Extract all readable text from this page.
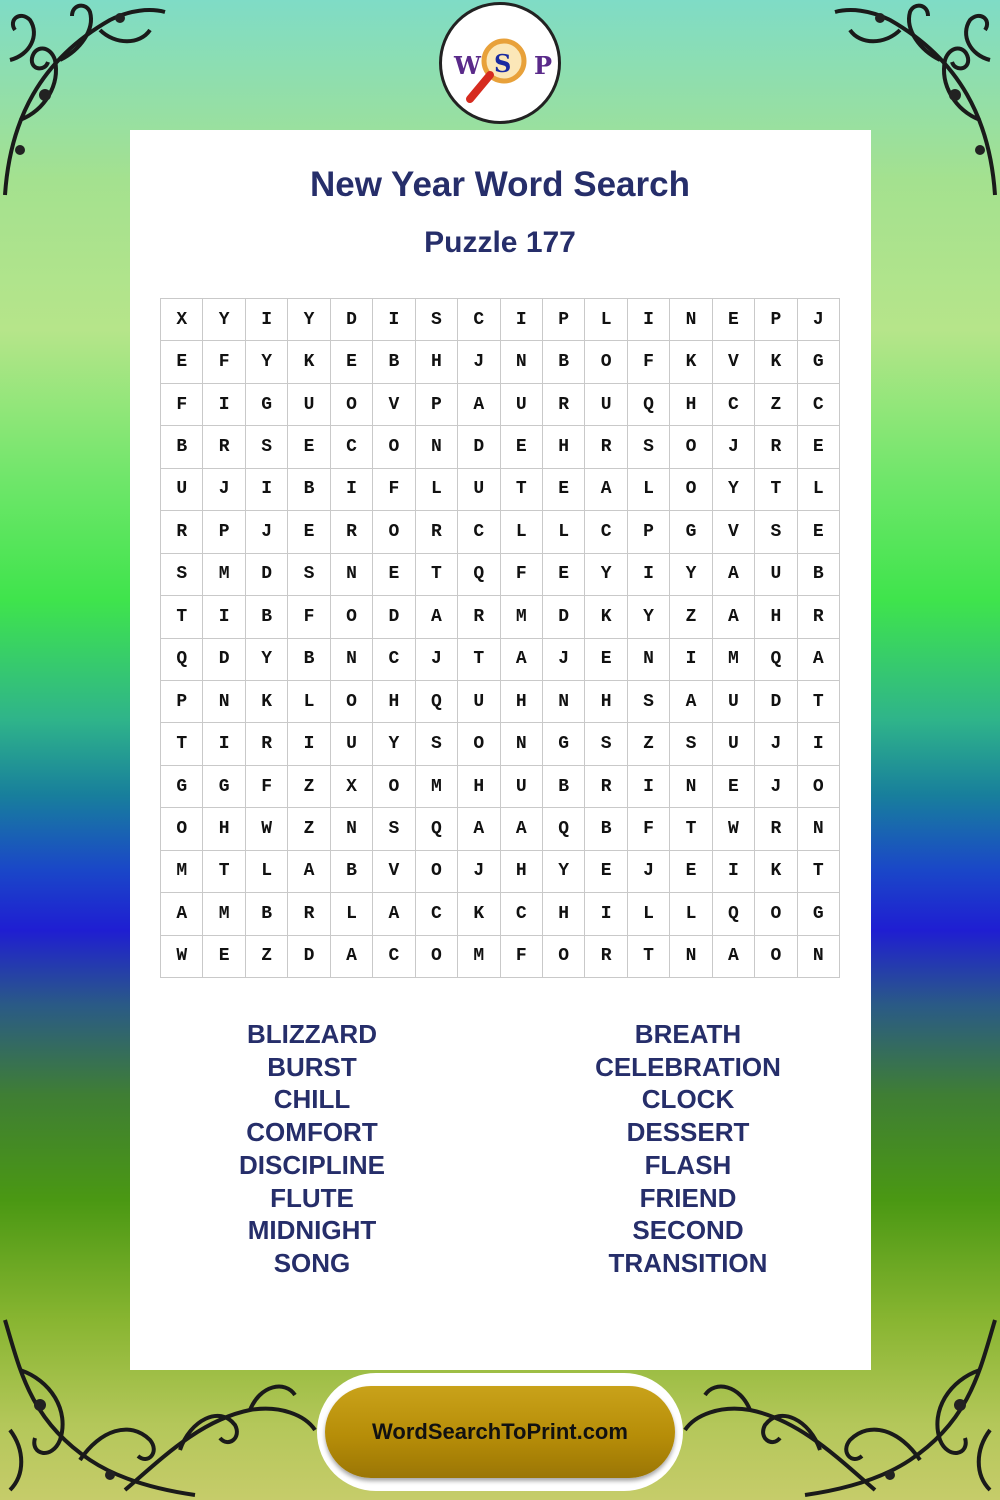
W S P
New Year Word Search
Puzzle 177
X	Y	I	Y	D	I	S	C	I	P	L	I	N	E	P	J
E	F	Y	K	E	B	H	J	N	B	O	F	K	V	K	G
F	I	G	U	O	V	P	A	U	R	U	Q	H	C	Z	C
B	R	S	E	C	O	N	D	E	H	R	S	O	J	R	E
U	J	I	B	I	F	L	U	T	E	A	L	O	Y	T	L
R	P	J	E	R	O	R	C	L	L	C	P	G	V	S	E
S	M	D	S	N	E	T	Q	F	E	Y	I	Y	A	U	B
T	I	B	F	O	D	A	R	M	D	K	Y	Z	A	H	R
Q	D	Y	B	N	C	J	T	A	J	E	N	I	M	Q	A
P	N	K	L	O	H	Q	U	H	N	H	S	A	U	D	T
T	I	R	I	U	Y	S	O	N	G	S	Z	S	U	J	I
G	G	F	Z	X	O	M	H	U	B	R	I	N	E	J	O
O	H	W	Z	N	S	Q	A	A	Q	B	F	T	W	R	N
M	T	L	A	B	V	O	J	H	Y	E	J	E	I	K	T
A	M	B	R	L	A	C	K	C	H	I	L	L	Q	O	G
W	E	Z	D	A	C	O	M	F	O	R	T	N	A	O	N
BLIZZARD
BURST
CHILL
COMFORT
DISCIPLINE
FLUTE
MIDNIGHT
SONG
BREATH
CELEBRATION
CLOCK
DESSERT
FLASH
FRIEND
SECOND
TRANSITION
WordSearchToPrint.com
